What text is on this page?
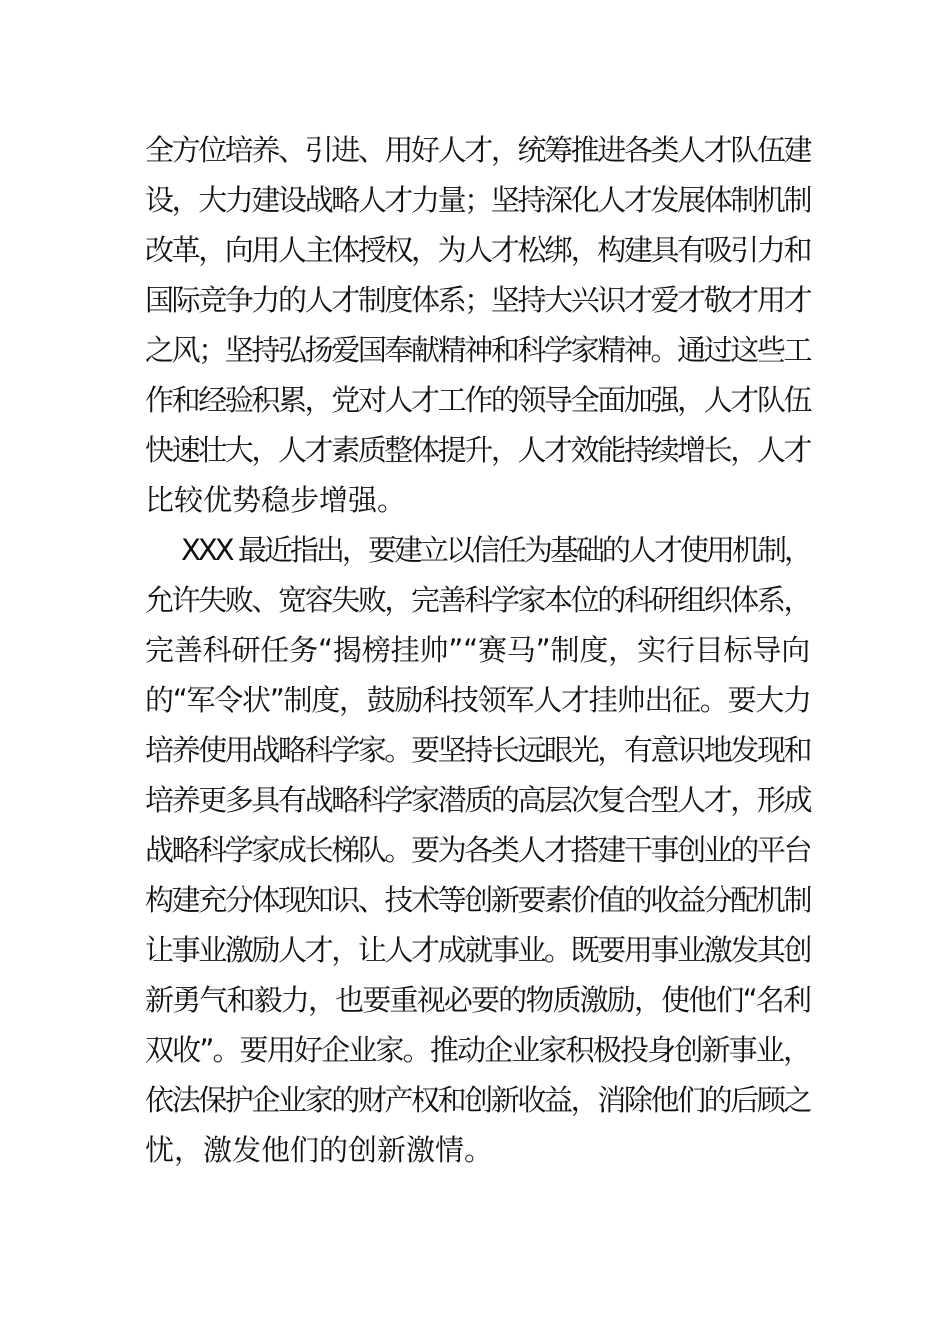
全方位培养、引进、用好人才，统筹推进各类人才队伍建
设，大力建设战略人才力量；坚持深化人才发展体制机制
改革，向用人主体授权，为人才松绑，构建具有吸引力和
国际竞争力的人才制度体系；坚持大兴识才爱才敬才用才
之风；坚持弘扬爱国奉献精神和科学家精神。通过这些工
作和经验积累，党对人才工作的领导全面加强，人才队伍
快速壮大，人才素质整体提升，人才效能持续增长，人才
比较优势稳步增强。
XXX 最近指出，要建立以信任为基础的人才使用机制，
允许失败、宽容失败，完善科学家本位的科研组织体系，
完善科研任务“揭榜挂帅”“赛马”制度，实行目标导向
的“军令状”制度，鼓励科技领军人才挂帅出征。要大力
培养使用战略科学家。要坚持长远眼光，有意识地发现和
培养更多具有战略科学家潜质的高层次复合型人才，形成
战略科学家成长梯队。要为各类人才搭建干事创业的平台
构建充分体现知识、技术等创新要素价值的收益分配机制
让事业激励人才，让人才成就事业。既要用事业激发其创
新勇气和毅力，也要重视必要的物质激励，使他们“名利
双收”。要用好企业家。推动企业家积极投身创新事业，
依法保护企业家的财产权和创新收益，消除他们的后顾之
忧，激发他们的创新激情。
